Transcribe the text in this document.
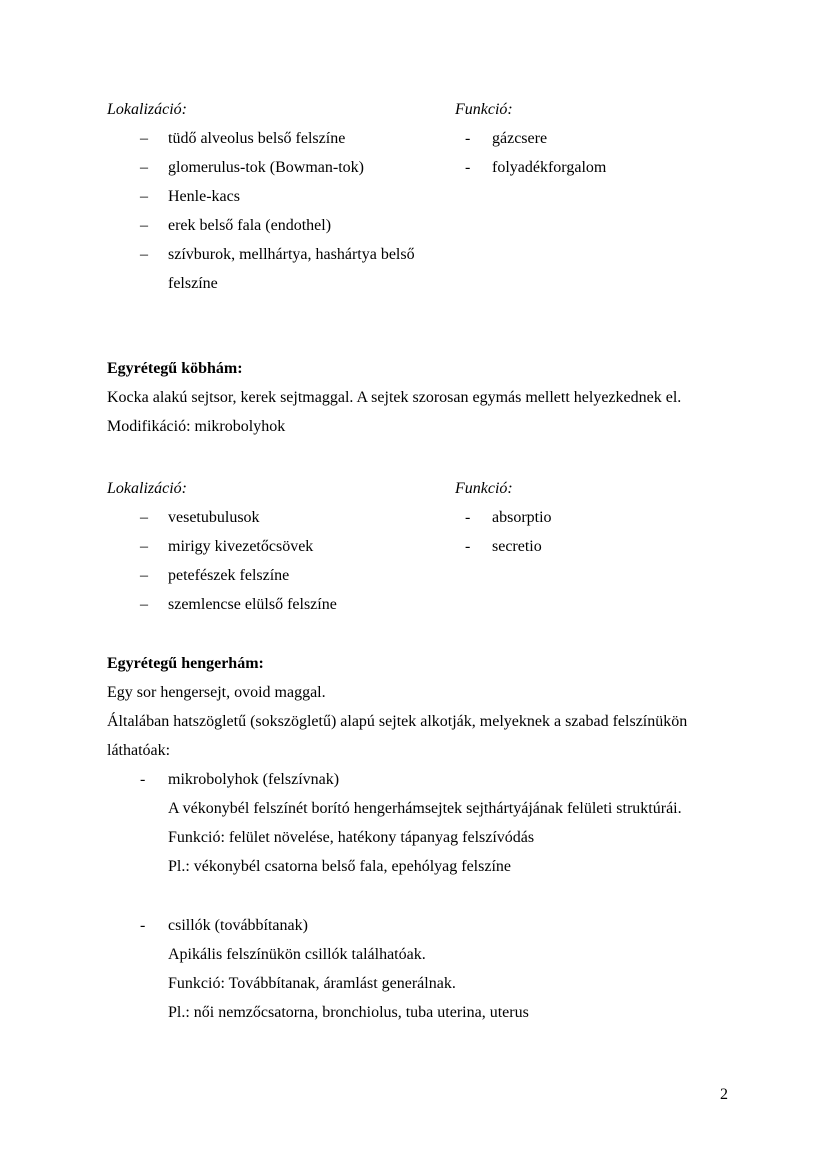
Lokalizáció:
– tüdő alveolus belső felszíne
– glomerulus-tok (Bowman-tok)
– Henle-kacs
– erek belső fala (endothel)
– szívburok, mellhártya, hashártya belső felszíne
Funkció:
- gázcsere
- folyadékforgalom
Egyrétegű köbhám:

Kocka alakú sejtsor, kerek sejtmaggal. A sejtek szorosan egymás mellett helyezkednek el.

Modifikáció: mikrobolyhok

Lokalizáció:
– vesetubulusok
– mirigy kivezetőcsövek
– petefészek felszíne
– szemlencse elülső felszíne
Funkció:
- absorptio
- secretio
Egyrétegű hengerhám:

Egy sor hengersejt, ovoid maggal.

Általában hatszögletű (sokszögletű) alapú sejtek alkotják, melyeknek a szabad felszínükön láthatóak:

- mikrobolyhok (felszívnak)

A vékonybél felszínét borító hengerhámsejtek sejthártyájának felületi struktúrái.

Funkció: felület növelése, hatékony tápanyag felszívódás

Pl.: vékonybél csatorna belső fala, epehólyag felszíne

- csillók (továbbítanak)

Apikális felszínükön csillók találhatóak.

Funkció: Továbbítanak, áramlást generálnak.

Pl.: női nemzőcsatorna, bronchiolus, tuba uterina, uterus

2
